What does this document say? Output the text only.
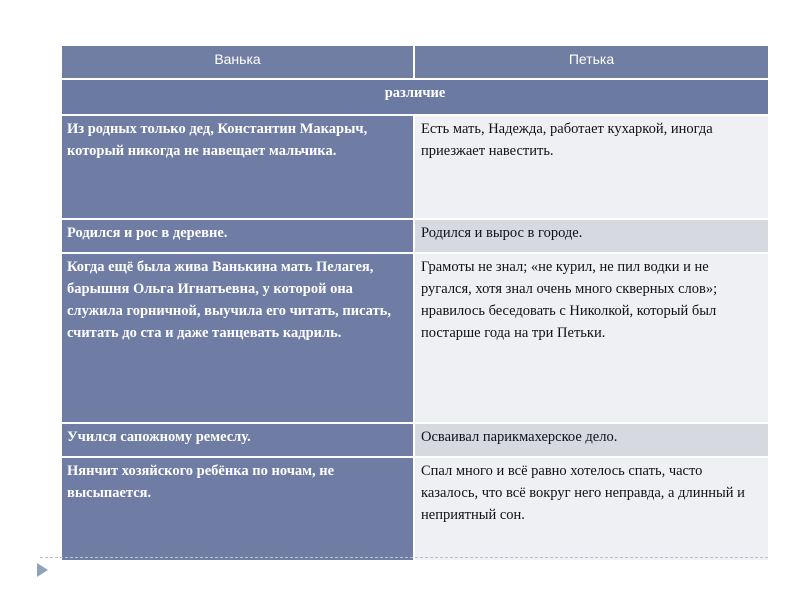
Ванька	Петька
различие	
Из родных только дед, Константин Макарыч, который никогда не навещает мальчика.	Есть мать, Надежда, работает кухаркой, иногда приезжает навестить.
Родился и рос в деревне.	Родился и вырос в городе.
Когда ещё была жива Ванькина мать Пелагея, барышня Ольга Игнатьевна, у которой она служила горничной, выучила его читать, писать, считать до ста и даже танцевать кадриль.	Грамоты не знал; «не курил, не пил водки и не ругался, хотя знал очень много скверных слов»; нравилось беседовать с Николкой, который был постарше года на три Петьки.
Учился сапожному ремеслу.	Осваивал парикмахерское дело.
Нянчит хозяйского ребёнка по ночам, не высыпается.	Спал много и всё равно хотелось спать, часто казалось, что всё вокруг него неправда, а длинный и неприятный сон.
